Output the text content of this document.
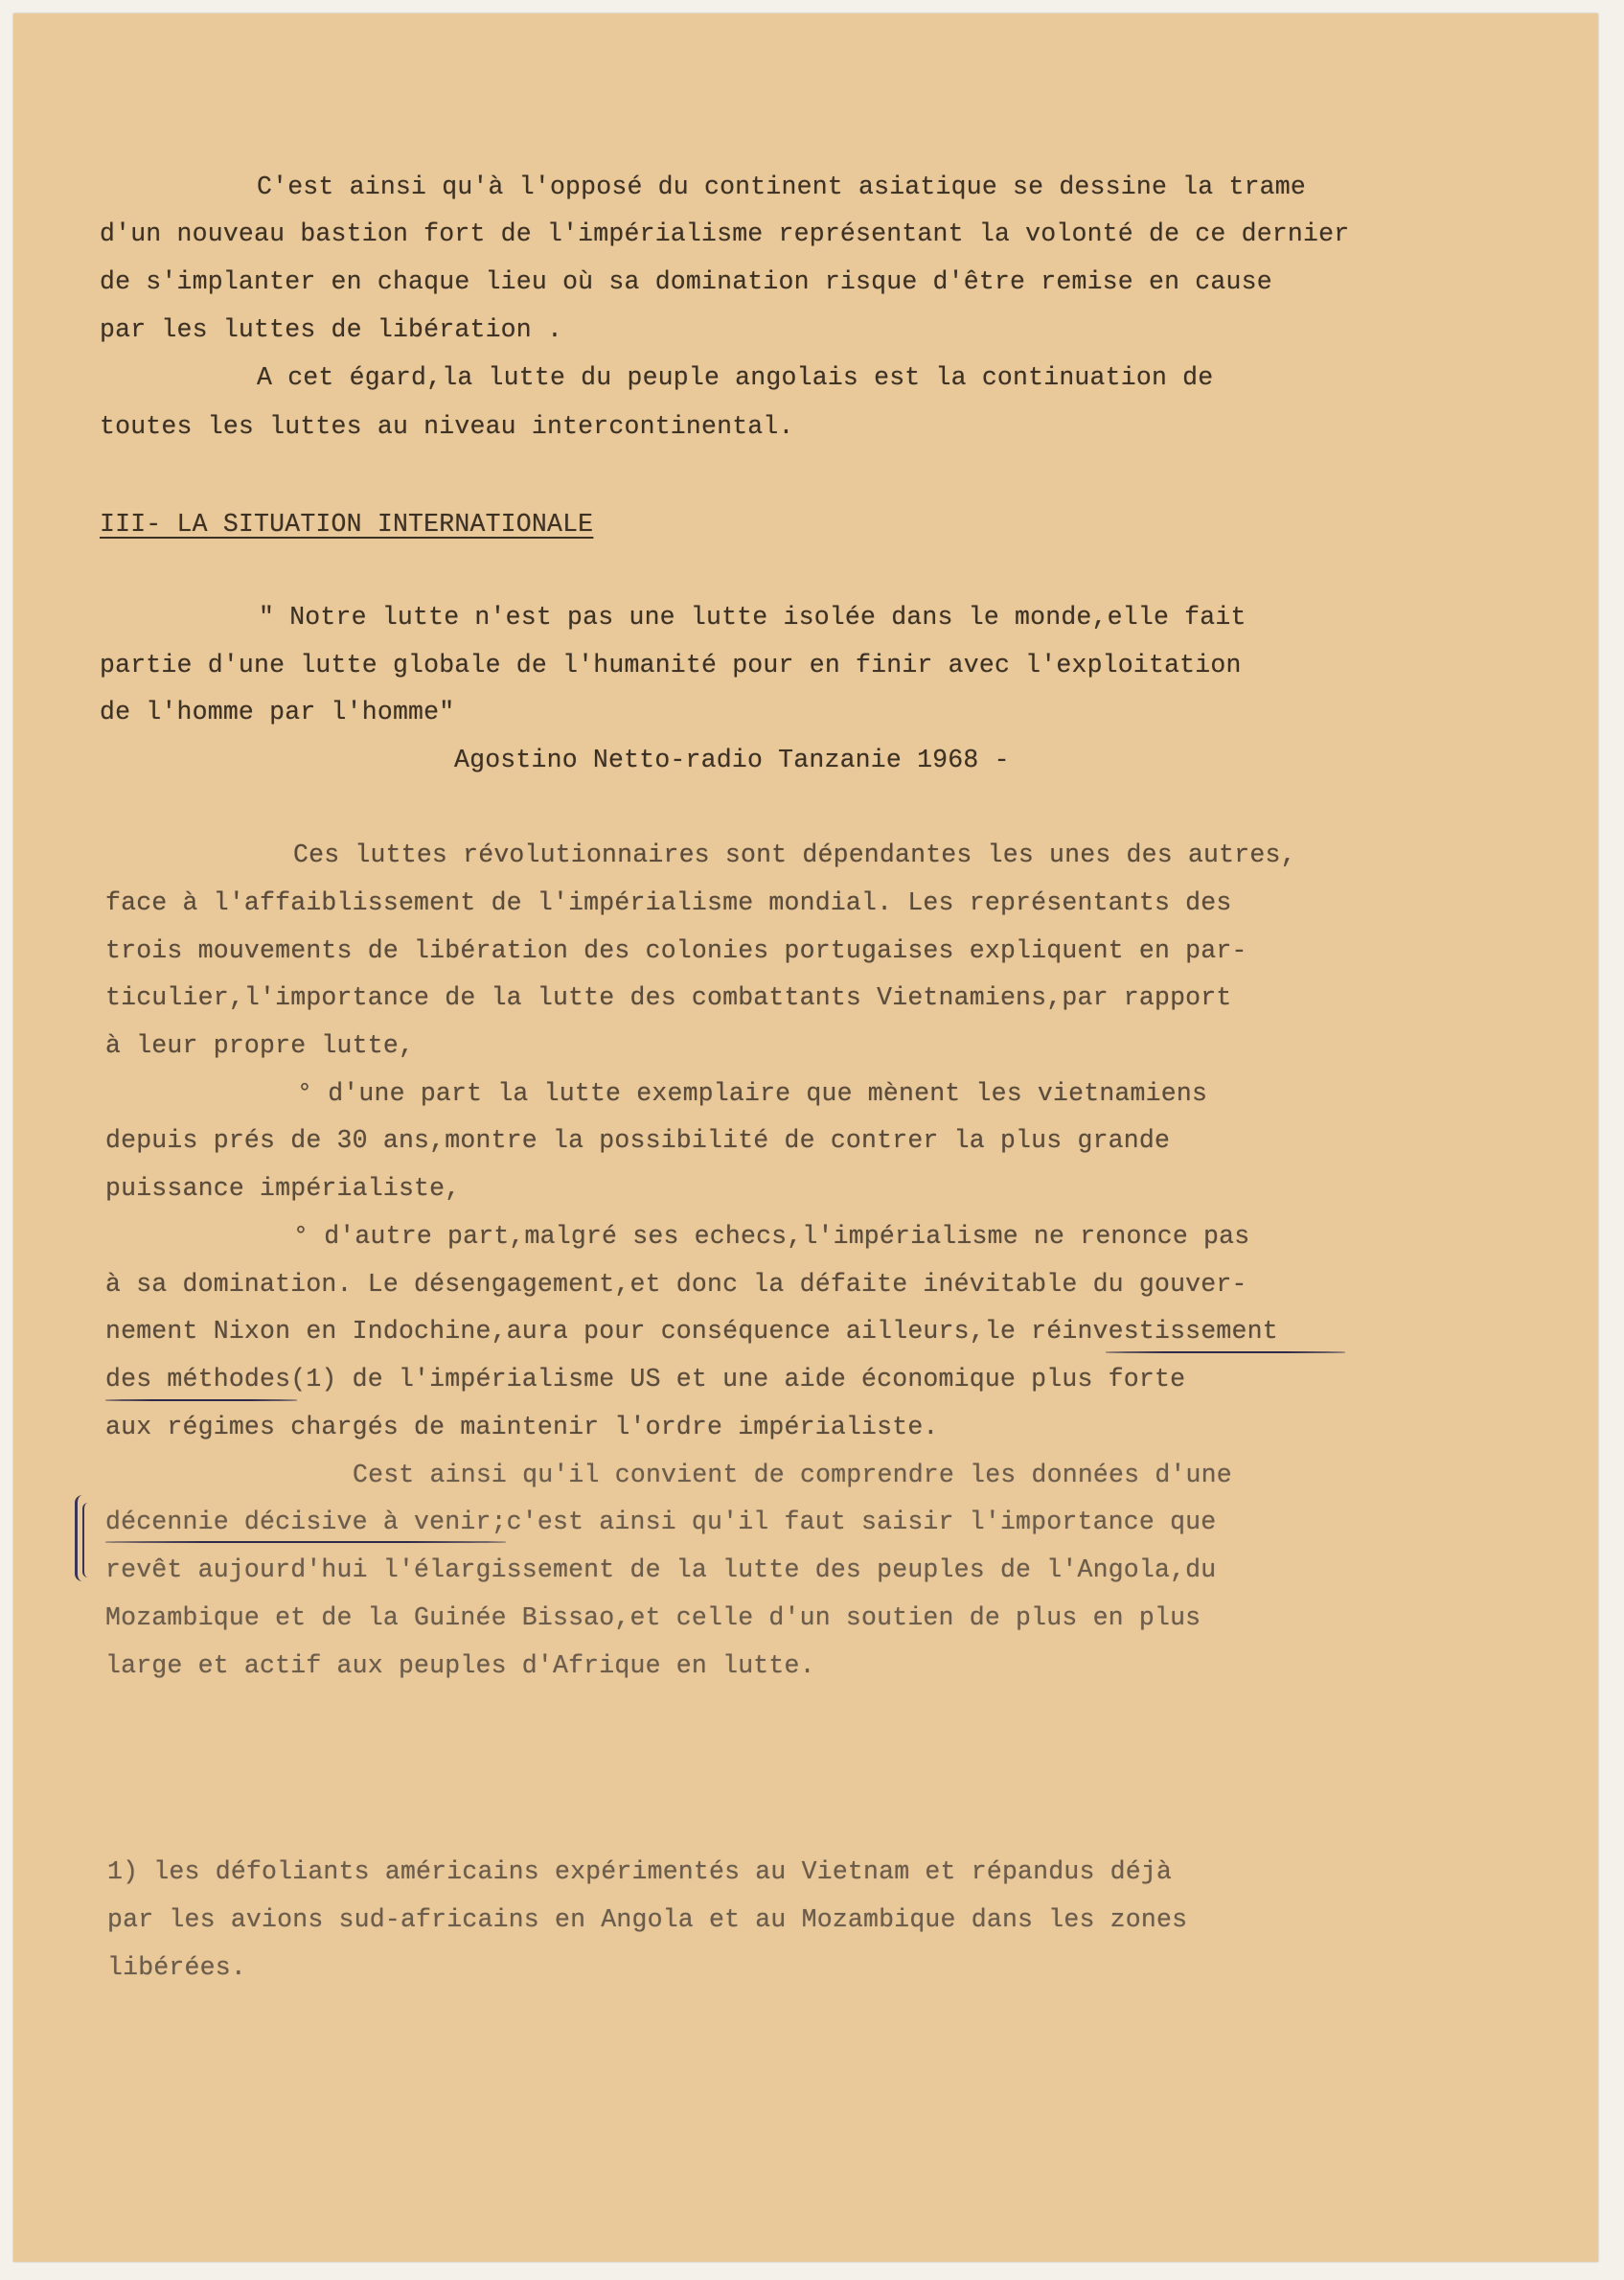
C'est ainsi qu'à l'opposé du continent asiatique se dessine la trame
d'un nouveau bastion fort de l'impérialisme représentant la volonté de ce dernier
de s'implanter en chaque lieu où sa domination risque d'être remise en cause
par les luttes de libération .
A cet égard,la lutte du peuple angolais est la continuation de
toutes les luttes au niveau intercontinental.
III- LA SITUATION INTERNATIONALE
" Notre lutte n'est pas une lutte isolée dans le monde,elle fait
partie d'une lutte globale de l'humanité pour en finir avec l'exploitation
de l'homme par l'homme"
Agostino Netto-radio Tanzanie 1968 -
Ces luttes révolutionnaires sont dépendantes les unes des autres,
face à l'affaiblissement de l'impérialisme mondial. Les représentants des
trois mouvements de libération des colonies portugaises expliquent en par-
ticulier,l'importance de la lutte des combattants Vietnamiens,par rapport
à leur propre lutte,
° d'une part la lutte exemplaire que mènent les vietnamiens
depuis prés de 30 ans,montre la possibilité de contrer la plus grande
puissance impérialiste,
° d'autre part,malgré ses echecs,l'impérialisme ne renonce pas
à sa domination. Le désengagement,et donc la défaite inévitable du gouver-
nement Nixon en Indochine,aura pour conséquence ailleurs,le réinvestissement
des méthodes(1) de l'impérialisme US et une aide économique plus forte
aux régimes chargés de maintenir l'ordre impérialiste.
Cest ainsi qu'il convient de comprendre les données d'une
décennie décisive à venir;c'est ainsi qu'il faut saisir l'importance que
revêt aujourd'hui l'élargissement de la lutte des peuples de l'Angola,du
Mozambique et de la Guinée Bissao,et celle d'un soutien de plus en plus
large et actif aux peuples d'Afrique en lutte.
1) les défoliants américains expérimentés au Vietnam et répandus déjà
par les avions sud-africains en Angola et au Mozambique dans les zones
libérées.
